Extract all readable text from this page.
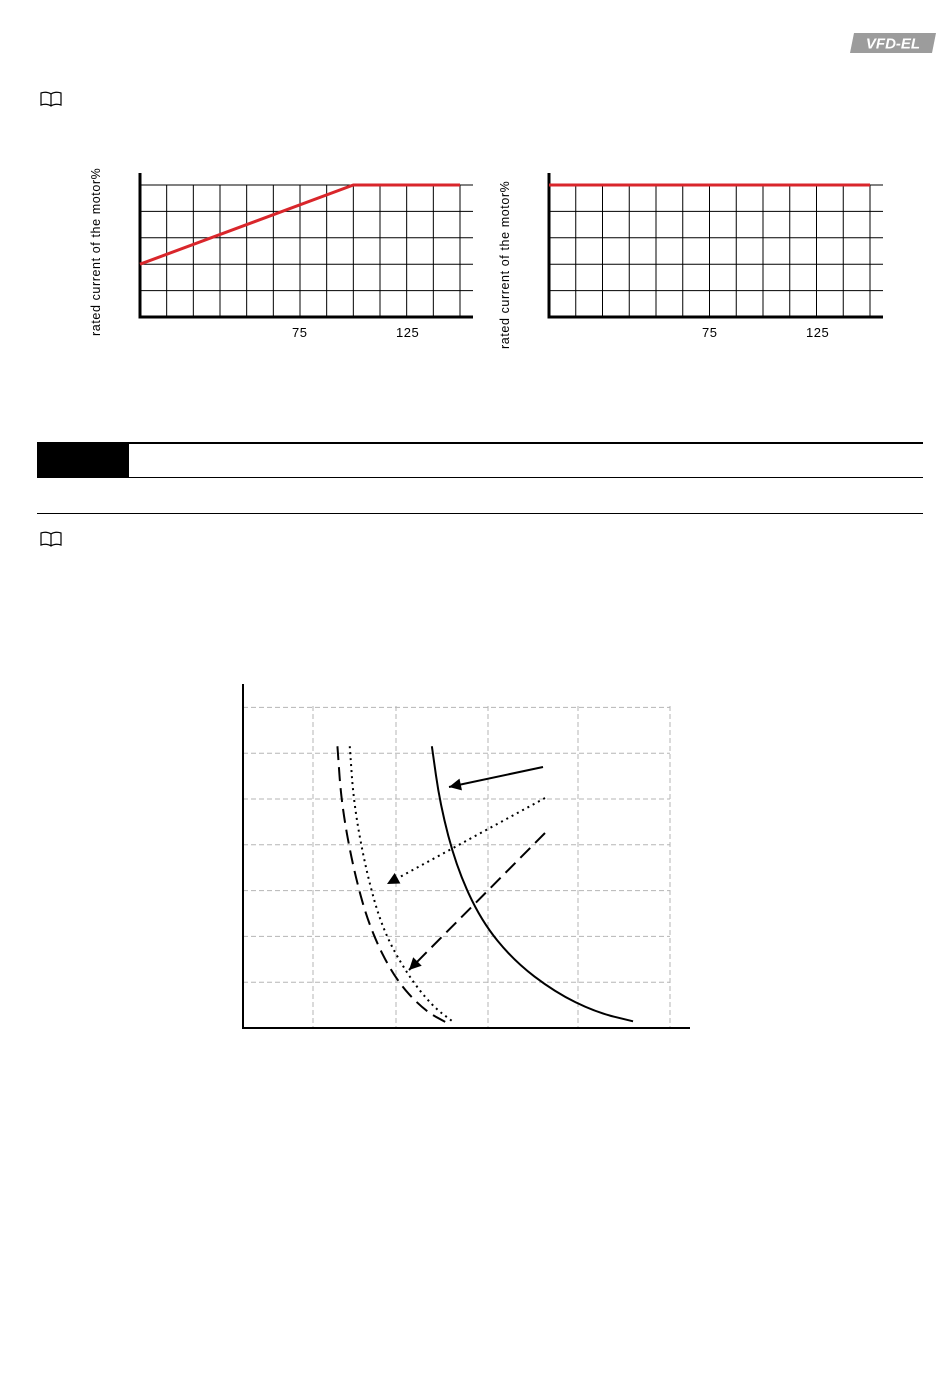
VFD-EL
rated current of the motor%	75	125	rated current of the motor%	75	125
